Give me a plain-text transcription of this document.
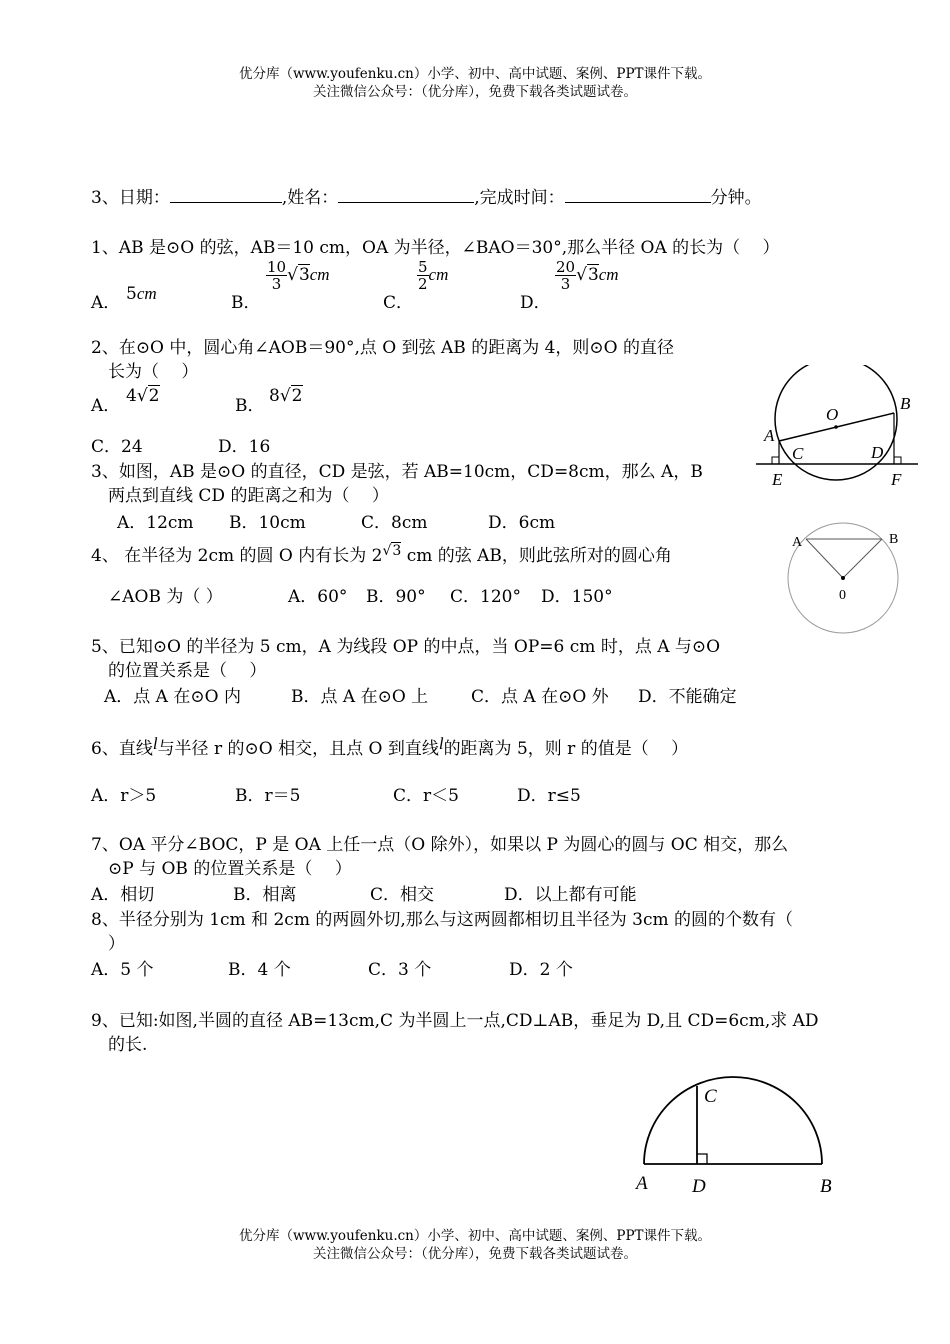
优分库（www.youfenku.cn）小学、初中、高中试题、案例、PPT课件下载。
关注微信公众号：（优分库），免费下载各类试题试卷。
3、日期：	,姓名：	,完成时间：	分钟。
1、AB 是⊙O 的弦，AB＝10 cm，OA 为半径，∠BAO＝30°,那么半径 OA 的长为（　 ）
A． 5cm	B．
$\frac{10}{3} √3cm$
C．
$\frac{5}{2}$ cm
D．
$\frac{20}{3} √3cm$
2、在⊙O 中，圆心角∠AOB＝90°,点 O 到弦 AB 的距离为 4，则⊙O 的直径
长为（　 ）
A． 4√2	B． 8√2
C．24	D．16
3、如图，AB 是⊙O 的直径，CD 是弦，若 AB=10cm，CD=8cm，那么 A，B
两点到直线 CD 的距离之和为（　 ）
A．12cm B．10cm	C．8cm	D．6cm
O
B
A
C	D
E	F
4、 在半径为 2cm 的圆 O 内有长为 2√3 cm 的弦 AB，则此弦所对的圆心角
∠AOB 为（ ）	A．60° B．90° C．120° D．150°
A	B
0
5、已知⊙O 的半径为 5 cm，A 为线段 OP 的中点，当 OP=6 cm 时，点 A 与⊙O
的位置关系是（　 ）
A．点 A 在⊙O 内	B．点 A 在⊙O 上	C．点 A 在⊙O 外 D．不能确定
6、直线l与半径 r 的⊙O 相交，且点 O 到直线l的距离为 5，则 r 的值是（　 ）
A．r＞5	B．r＝5	C．r＜5	D．r≤5
7、OA 平分∠BOC，P 是 OA 上任一点（O 除外），如果以 P 为圆心的圆与 OC 相交，那么
⊙P 与 OB 的位置关系是（　 ）
A．相切	B．相离	C．相交	D．以上都有可能
8、半径分别为 1cm 和 2cm 的两圆外切,那么与这两圆都相切且半径为 3cm 的圆的个数有（
）
A．5 个	B．4 个	C．3 个	D．2 个
9、已知:如图,半圆的直径 AB=13cm,C 为半圆上一点,CD⊥AB，垂足为 D,且 CD=6cm,求 AD
的长.
A	B
C
D
优分库（www.youfenku.cn）小学、初中、高中试题、案例、PPT课件下载。
关注微信公众号：（优分库），免费下载各类试题试卷。
